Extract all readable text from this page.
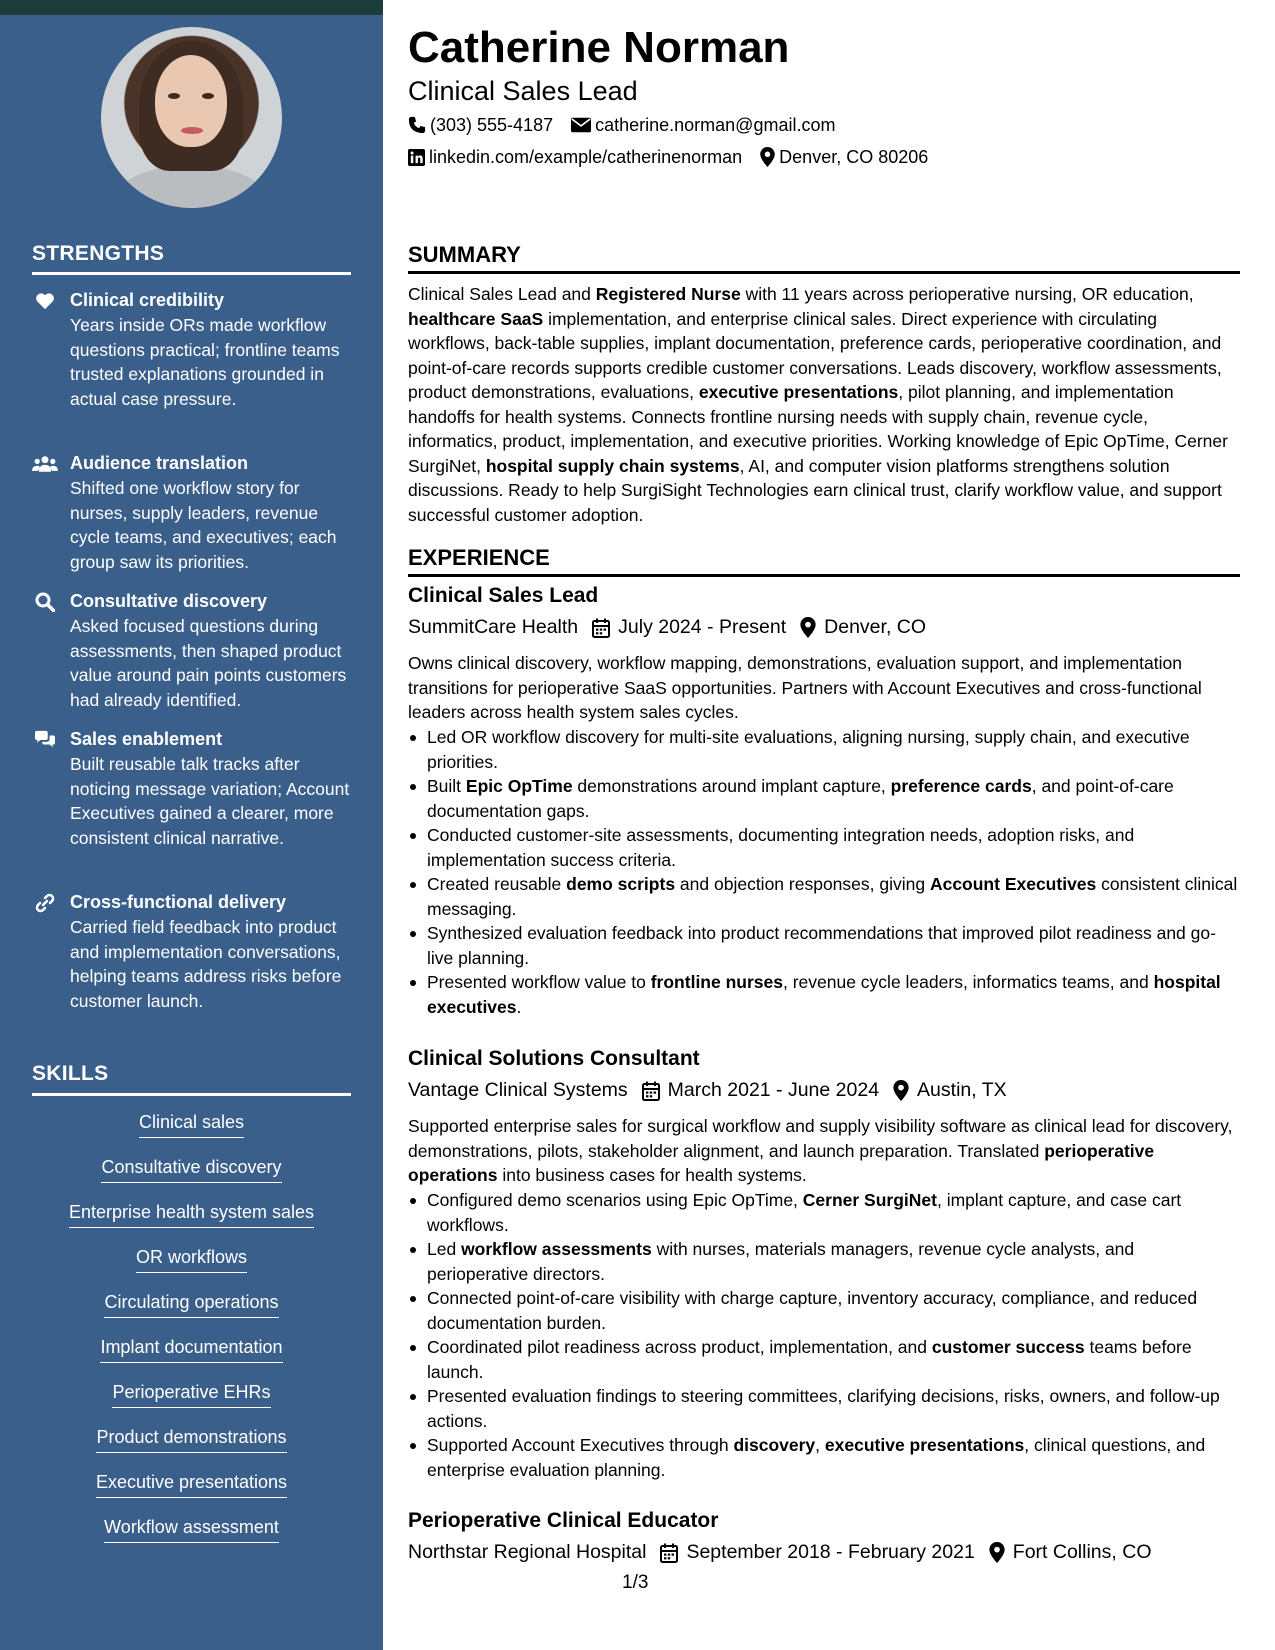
STRENGTHS
Clinical credibility
Years inside ORs made workflow questions practical; frontline teams trusted explanations grounded in actual case pressure.
Audience translation
Shifted one workflow story for nurses, supply leaders, revenue cycle teams, and executives; each group saw its priorities.
Consultative discovery
Asked focused questions during assessments, then shaped product value around pain points customers had already identified.
Sales enablement
Built reusable talk tracks after noticing message variation; Account Executives gained a clearer, more consistent clinical narrative.
Cross-functional delivery
Carried field feedback into product and implementation conversations, helping teams address risks before customer launch.
SKILLS
Clinical sales
Consultative discovery
Enterprise health system sales
OR workflows
Circulating operations
Implant documentation
Perioperative EHRs
Product demonstrations
Executive presentations
Workflow assessment
Catherine Norman
Clinical Sales Lead
(303) 555-4187 catherine.norman@gmail.com
linkedin.com/example/catherinenorman Denver, CO 80206
SUMMARY
Clinical Sales Lead and Registered Nurse with 11 years across perioperative nursing, OR education, healthcare SaaS implementation, and enterprise clinical sales. Direct experience with circulating workflows, back-table supplies, implant documentation, preference cards, perioperative coordination, and point-of-care records supports credible customer conversations. Leads discovery, workflow assessments, product demonstrations, evaluations, executive presentations, pilot planning, and implementation handoffs for health systems. Connects frontline nursing needs with supply chain, revenue cycle, informatics, product, implementation, and executive priorities. Working knowledge of Epic OpTime, Cerner SurgiNet, hospital supply chain systems, AI, and computer vision platforms strengthens solution discussions. Ready to help SurgiSight Technologies earn clinical trust, clarify workflow value, and support successful customer adoption.
EXPERIENCE
Clinical Sales Lead
SummitCare Health July 2024 - Present Denver, CO
Owns clinical discovery, workflow mapping, demonstrations, evaluation support, and implementation transitions for perioperative SaaS opportunities. Partners with Account Executives and cross-functional leaders across health system sales cycles.
Led OR workflow discovery for multi-site evaluations, aligning nursing, supply chain, and executive priorities.
Built Epic OpTime demonstrations around implant capture, preference cards, and point-of-care documentation gaps.
Conducted customer-site assessments, documenting integration needs, adoption risks, and implementation success criteria.
Created reusable demo scripts and objection responses, giving Account Executives consistent clinical messaging.
Synthesized evaluation feedback into product recommendations that improved pilot readiness and go-live planning.
Presented workflow value to frontline nurses, revenue cycle leaders, informatics teams, and hospital executives.
Clinical Solutions Consultant
Vantage Clinical Systems March 2021 - June 2024 Austin, TX
Supported enterprise sales for surgical workflow and supply visibility software as clinical lead for discovery, demonstrations, pilots, stakeholder alignment, and launch preparation. Translated perioperative operations into business cases for health systems.
Configured demo scenarios using Epic OpTime, Cerner SurgiNet, implant capture, and case cart workflows.
Led workflow assessments with nurses, materials managers, revenue cycle analysts, and perioperative directors.
Connected point-of-care visibility with charge capture, inventory accuracy, compliance, and reduced documentation burden.
Coordinated pilot readiness across product, implementation, and customer success teams before launch.
Presented evaluation findings to steering committees, clarifying decisions, risks, owners, and follow-up actions.
Supported Account Executives through discovery, executive presentations, clinical questions, and enterprise evaluation planning.
Perioperative Clinical Educator
Northstar Regional Hospital September 2018 - February 2021 Fort Collins, CO
1/3
